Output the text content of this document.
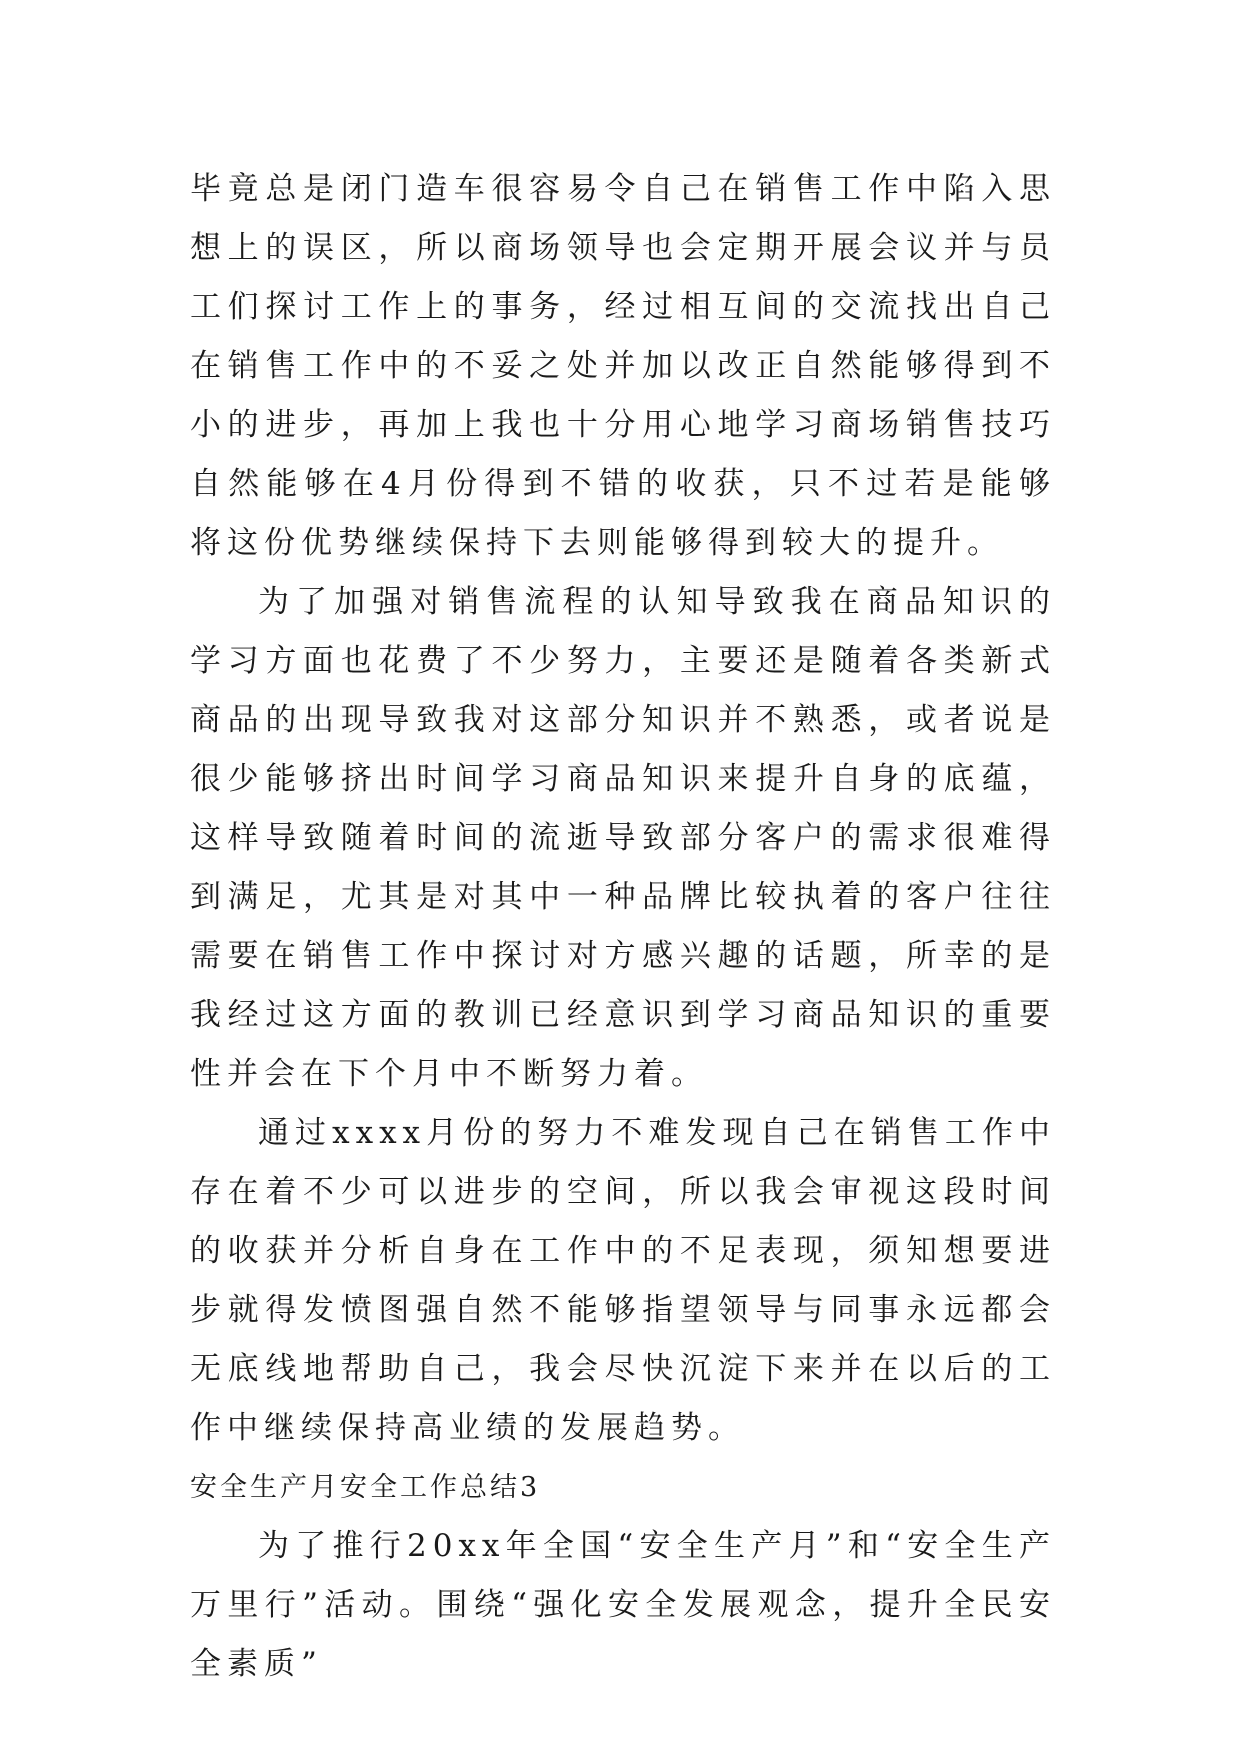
毕竟总是闭门造车很容易令自己在销售工作中陷入思想上的误区，所以商场领导也会定期开展会议并与员工们探讨工作上的事务，经过相互间的交流找出自己在销售工作中的不妥之处并加以改正自然能够得到不小的进步，再加上我也十分用心地学习商场销售技巧自然能够在4月份得到不错的收获，只不过若是能够将这份优势继续保持下去则能够得到较大的提升。

为了加强对销售流程的认知导致我在商品知识的学习方面也花费了不少努力，主要还是随着各类新式商品的出现导致我对这部分知识并不熟悉，或者说是很少能够挤出时间学习商品知识来提升自身的底蕴，这样导致随着时间的流逝导致部分客户的需求很难得到满足，尤其是对其中一种品牌比较执着的客户往往需要在销售工作中探讨对方感兴趣的话题，所幸的是我经过这方面的教训已经意识到学习商品知识的重要性并会在下个月中不断努力着。

通过xxxx月份的努力不难发现自己在销售工作中存在着不少可以进步的空间，所以我会审视这段时间的收获并分析自身在工作中的不足表现，须知想要进步就得发愤图强自然不能够指望领导与同事永远都会无底线地帮助自己，我会尽快沉淀下来并在以后的工作中继续保持高业绩的发展趋势。

安全生产月安全工作总结3

为了推行20xx年全国“安全生产月”和“安全生产万里行”活动。围绕“强化安全发展观念，提升全民安全素质”
